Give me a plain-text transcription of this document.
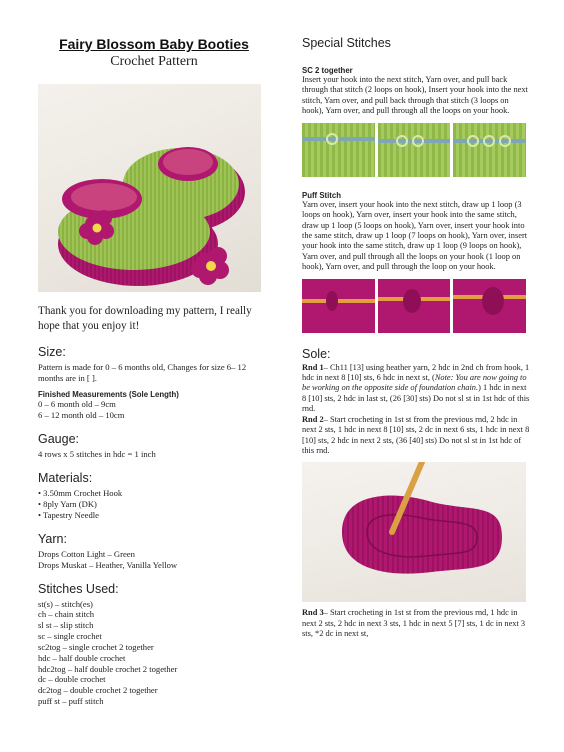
Fairy Blossom Baby Booties
Crochet Pattern
Thank you for downloading my pattern, I really hope that you enjoy it!
Size:
Pattern is made for 0 – 6 months old, Changes for size 6– 12 months are in [ ].
Finished Measurements (Sole Length)
0 – 6 month old – 9cm
6 – 12 month old – 10cm
Gauge:
4 rows x 5 stitches in hdc = 1 inch
Materials:
• 3.50mm Crochet Hook
• 8ply Yarn (DK)
• Tapestry Needle
Yarn:
Drops Cotton Light – Green
Drops Muskat – Heather, Vanilla Yellow
Stitches Used:
st(s) – stitch(es)
ch – chain stitch
sl st – slip stitch
sc – single crochet
sc2tog – single crochet 2 together
hdc – half double crochet
hdc2tog – half double crochet 2 together
dc – double crochet
dc2tog – double crochet 2 together
puff st – puff stitch
Special Stitches
SC 2 together
Insert your hook into the next stitch, Yarn over, and pull back through that stitch (2 loops on hook), Insert your hook into the next stitch, Yarn over, and pull back through that stitch (3 loops on hook), Yarn over, and pull through all the loops on your hook.
Puff Stitch
Yarn over, insert your hook into the next stitch, draw up 1 loop (3 loops on hook), Yarn over, insert your hook into the same stitch, draw up 1 loop (5 loops on hook), Yarn over, insert your hook into the same stitch, draw up 1 loop (7 loops on hook), Yarn over, insert your hook into the same stitch, draw up 1 loop (9 loops on hook), Yarn over, and pull through all the loops on your hook (1 loop on hook), Yarn over, and pull through the loop on your hook.
Sole:
Rnd 1– Ch11 [13] using heather yarn, 2 hdc in 2nd ch from hook, 1 hdc in next 8 [10] sts, 6 hdc in next st, (Note: You are now going to be working on the opposite side of foundation chain.) 1 hdc in next 8 [10] sts, 2 hdc in last st, (26 [30] sts) Do not sl st in 1st hdc of this rnd.
Rnd 2– Start crocheting in 1st st from the previous rnd, 2 hdc in next 2 sts, 1 hdc in next 8 [10] sts, 2 dc in next 6 sts, 1 hdc in next 8 [10] sts, 2 hdc in next 2 sts, (36 [40] sts) Do not sl st in 1st hdc of this rnd.
Rnd 3– Start crocheting in 1st st from the previous rnd, 1 hdc in next 2 sts, 2 hdc in next 3 sts, 1 hdc in next 5 [7] sts, 1 dc in next 3 sts, *2 dc in next st,
